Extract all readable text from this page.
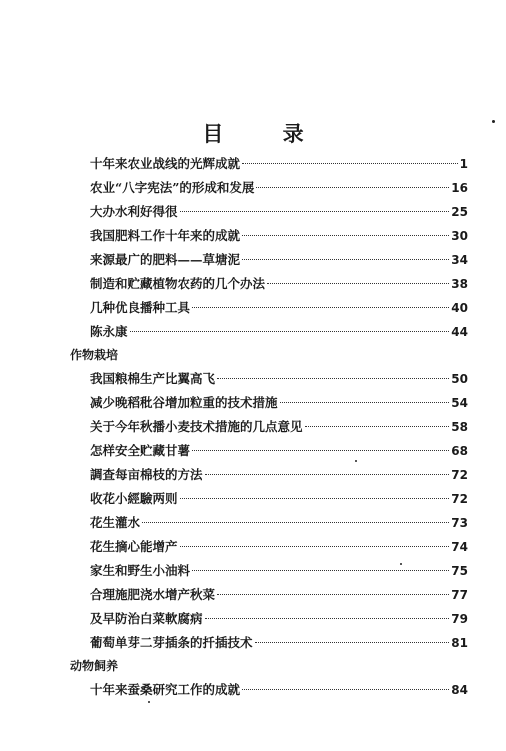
目 录
十年来农业战线的光辉成就	1
农业“八字宪法”的形成和发展	16
大办水利好得很	25
我国肥料工作十年来的成就	30
来源最广的肥料——草塘泥	34
制造和贮藏植物农药的几个办法	38
几种优良播种工具	40
陈永康	44
作物栽培
我国粮棉生产比翼高飞	50
减少晚稻秕谷增加粒重的技术措施	54
关于今年秋播小麦技术措施的几点意见	58
怎样安全贮藏甘薯	68
調查每亩棉枝的方法	72
收花小經驗两则	72
花生灌水	73
花生摘心能增产	74
家生和野生小油料	75
合理施肥浇水增产秋菜	77
及早防治白菜軟腐病	79
葡萄单芽二芽插条的扦插技术	81
动物飼养
十年来蚕桑研究工作的成就	84
